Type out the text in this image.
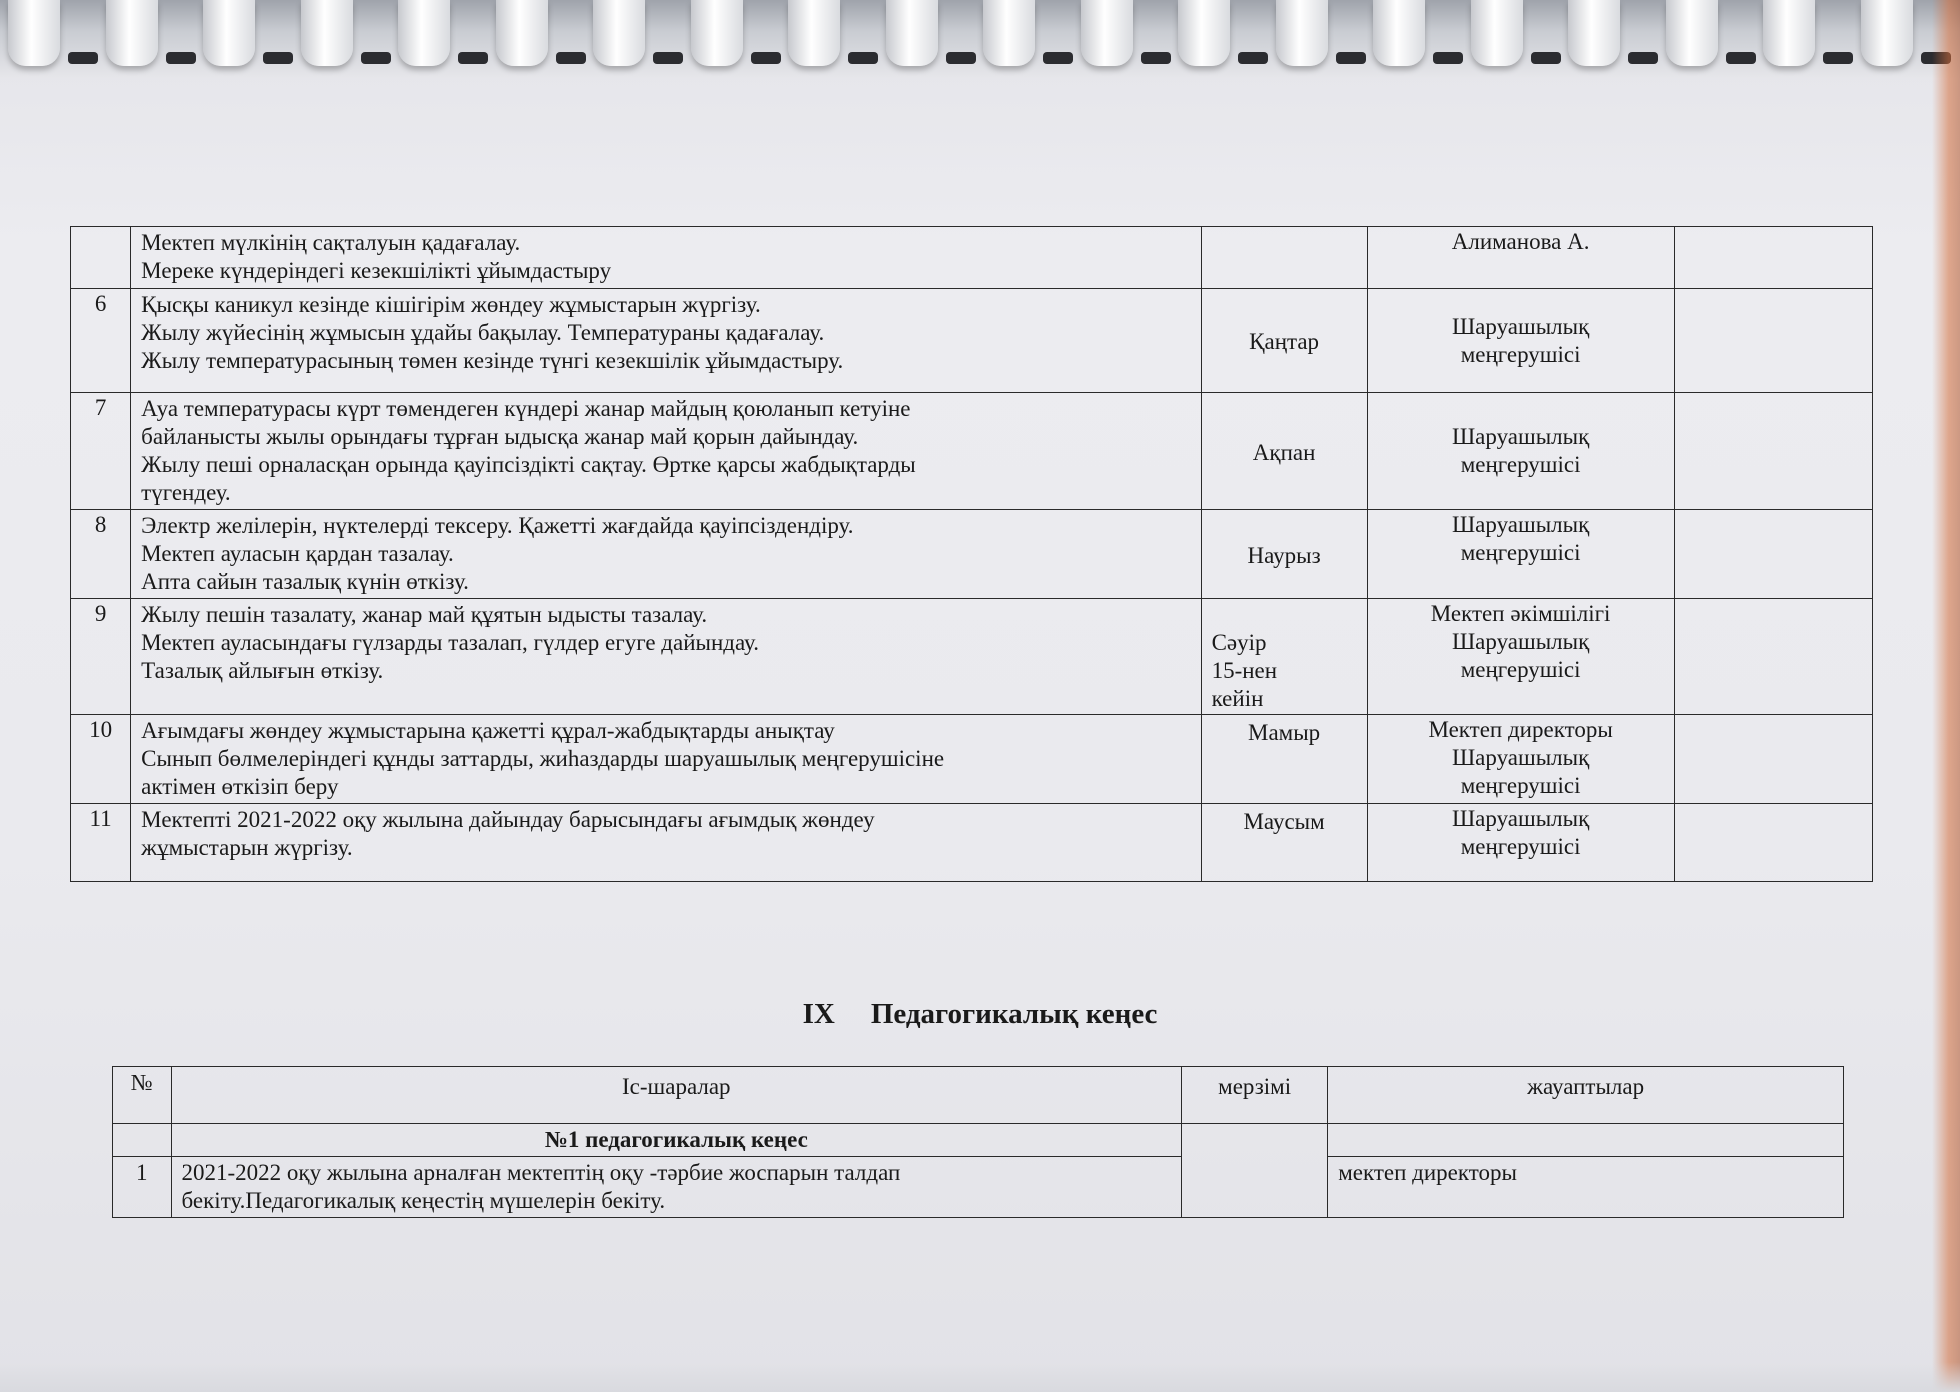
	Мектеп мүлкінің сақталуын қадағалау.
Мереке күндеріндегі кезекшілікті ұйымдастыру		Алиманова А.	

6	Қысқы каникул кезінде кішігірім жөндеу жұмыстарын жүргізу.
Жылу жүйесінің жұмысын ұдайы бақылау. Температураны қадағалау.
Жылу температурасының төмен кезінде түнгі кезекшілік ұйымдастыру.	Қаңтар	Шаруашылық
меңгерушісі	

7	Ауа температурасы күрт төмендеген күндері жанар майдың қоюланып кетуіне
байланысты жылы орындағы тұрған ыдысқа жанар май қорын дайындау.
Жылу пеші орналасқан орында қауіпсіздікті сақтау. Өртке қарсы жабдықтарды
түгендеу.	Ақпан	Шаруашылық
меңгерушісі	

8	Электр желілерін, нүктелерді тексеру. Қажетті жағдайда қауіпсіздендіру.
Мектеп ауласын қардан тазалау.
Апта сайын тазалық күнін өткізу.	Наурыз	Шаруашылық
меңгерушісі	

9	Жылу пешін тазалату, жанар май құятын ыдысты тазалау.
Мектеп ауласындағы гүлзарды тазалап, гүлдер егуге дайындау.
Тазалық айлығын өткізу.	Сәуір
15-нен
кейін	Мектеп әкімшілігі
Шаруашылық
меңгерушісі	

10	Ағымдағы жөндеу жұмыстарына қажетті құрал-жабдықтарды анықтау
Сынып бөлмелеріндегі құнды заттарды, жиһаздарды шаруашылық меңгерушісіне
актімен өткізіп беру	Мамыр	Мектеп директоры
Шаруашылық
меңгерушісі	

11	Мектепті 2021-2022 оқу жылына дайындау барысындағы ағымдық жөндеу
жұмыстарын жүргізу.	Маусым	Шаруашылық
меңгерушісі	

IX Педагогикалық кеңес
№	Іс-шаралар	мерзімі	жауаптылар
	№1 педагогикалық кеңес		
1	2021-2022 оқу жылына арналған мектептің оқу -тәрбие жоспарын талдап
бекіту.Педагогикалық кеңестің мүшелерін бекіту.		мектеп директоры
